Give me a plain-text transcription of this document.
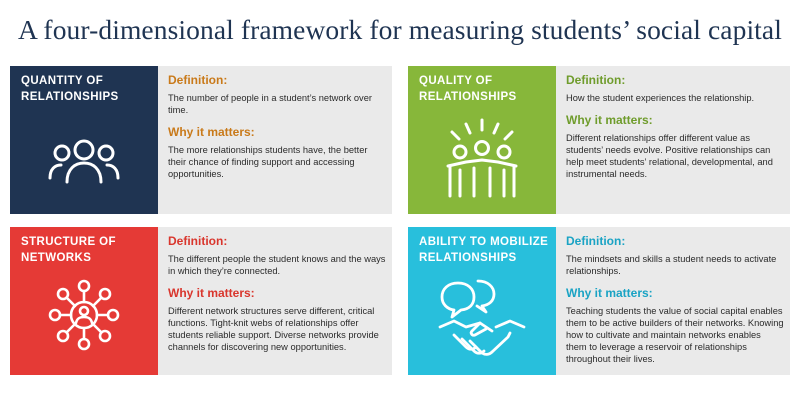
A four-dimensional framework for measuring students’ social capital
QUANTITY OF RELATIONSHIPS

Definition:

The number of people in a student’s network over time.

Why it matters:

The more relationships students have, the better their chance of finding support and accessing opportunities.

QUALITY OF RELATIONSHIPS

Definition:

How the student experiences the relationship.

Why it matters:

Different relationships offer different value as students’ needs evolve. Positive relationships can help meet students’ relational, developmental, and instrumental needs.

STRUCTURE OF NETWORKS

Definition:

The different people the student knows and the ways in which they’re connected.

Why it matters:

Different network structures serve different, critical functions. Tight-knit webs of relationships offer students reliable support. Diverse networks provide channels for discovering new opportunities.

ABILITY TO MOBILIZE RELATIONSHIPS

Definition:

The mindsets and skills a student needs to activate relationships.

Why it matters:

Teaching students the value of social capital enables them to be active builders of their networks. Knowing how to cultivate and maintain networks enables them to leverage a reservoir of relationships throughout their lives.
